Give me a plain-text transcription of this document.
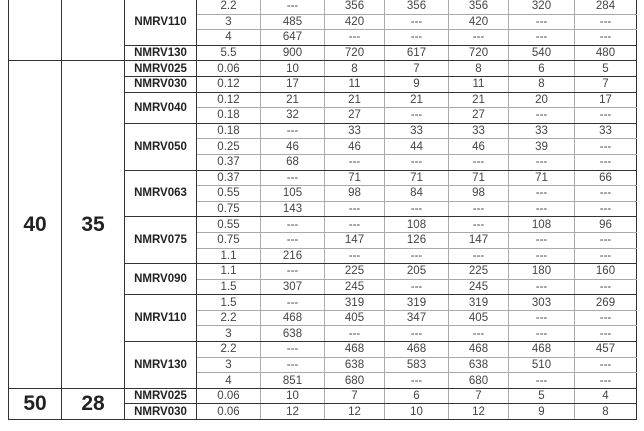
		NMRV110	2.2	---	356	356	356	320	284
			3	485	420	---	420	---	---
			4	647	---	---	---	---	---
		NMRV130	5.5	900	720	617	720	540	480
40	35	NMRV025	0.06	10	8	7	8	6	5
		NMRV030	0.12	17	11	9	11	8	7
		NMRV040	0.12	21	21	21	21	20	17
			0.18	32	27	---	27	---	---
		NMRV050	0.18	---	33	33	33	33	33
			0.25	46	46	44	46	39	---
			0.37	68	---	---	---	---	---
		NMRV063	0.37	---	71	71	71	71	66
			0.55	105	98	84	98	---	---
			0.75	143	---	---	---	---	---
		NMRV075	0.55	---	---	108	---	108	96
			0.75	---	147	126	147	---	---
			1.1	216	---	---	---	---	---
		NMRV090	1.1	---	225	205	225	180	160
			1.5	307	245	---	245	---	---
		NMRV110	1.5	---	319	319	319	303	269
			2.2	468	405	347	405	---	---
			3	638	---	---	---	---	---
		NMRV130	2.2	---	468	468	468	468	457
			3	---	638	583	638	510	---
			4	851	680	---	680	---	---
50	28	NMRV025	0.06	10	7	6	7	5	4
		NMRV030	0.06	12	12	10	12	9	8
